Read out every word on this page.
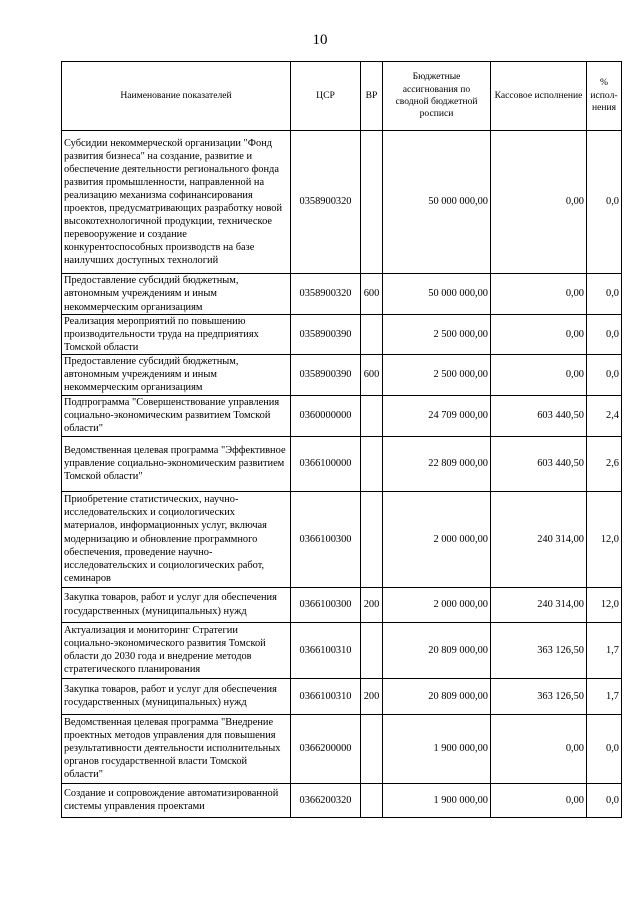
10
Наименование показателей	ЦСР	ВР	Бюджетные ассигнования по сводной бюджетной росписи	Кассовое исполнение	% испол-нения
Субсидии некоммерческой организации "Фонд развития бизнеса" на создание, развитие и обеспечение деятельности регионального фонда развития промышленности, направленной на реализацию механизма софинансирования проектов, предусматривающих разработку новой высокотехнологичной продукции, техническое перевооружение и создание конкурентоспособных производств на базе наилучших доступных технологий	0358900320		50 000 000,00	0,00	0,0
Предоставление субсидий бюджетным, автономным учреждениям и иным некоммерческим организациям	0358900320	600	50 000 000,00	0,00	0,0
Реализация мероприятий по повышению производительности труда на предприятиях Томской области	0358900390		2 500 000,00	0,00	0,0
Предоставление субсидий бюджетным, автономным учреждениям и иным некоммерческим организациям	0358900390	600	2 500 000,00	0,00	0,0
Подпрограмма "Совершенствование управления социально-экономическим развитием Томской области"	0360000000		24 709 000,00	603 440,50	2,4
Ведомственная целевая программа "Эффективное управление социально-экономическим развитием Томской области"	0366100000		22 809 000,00	603 440,50	2,6
Приобретение статистических, научно-исследовательских и социологических материалов, информационных услуг, включая модернизацию и обновление программного обеспечения, проведение научно-исследовательских и социологических работ, семинаров	0366100300		2 000 000,00	240 314,00	12,0
Закупка товаров, работ и услуг для обеспечения государственных (муниципальных) нужд	0366100300	200	2 000 000,00	240 314,00	12,0
Актуализация и мониторинг Стратегии социально-экономического развития Томской области до 2030 года и внедрение методов стратегического планирования	0366100310		20 809 000,00	363 126,50	1,7
Закупка товаров, работ и услуг для обеспечения государственных (муниципальных) нужд	0366100310	200	20 809 000,00	363 126,50	1,7
Ведомственная целевая программа "Внедрение проектных методов управления для повышения результативности деятельности исполнительных органов государственной власти Томской области"	0366200000		1 900 000,00	0,00	0,0
Создание и сопровождение автоматизированной системы управления проектами	0366200320		1 900 000,00	0,00	0,0
